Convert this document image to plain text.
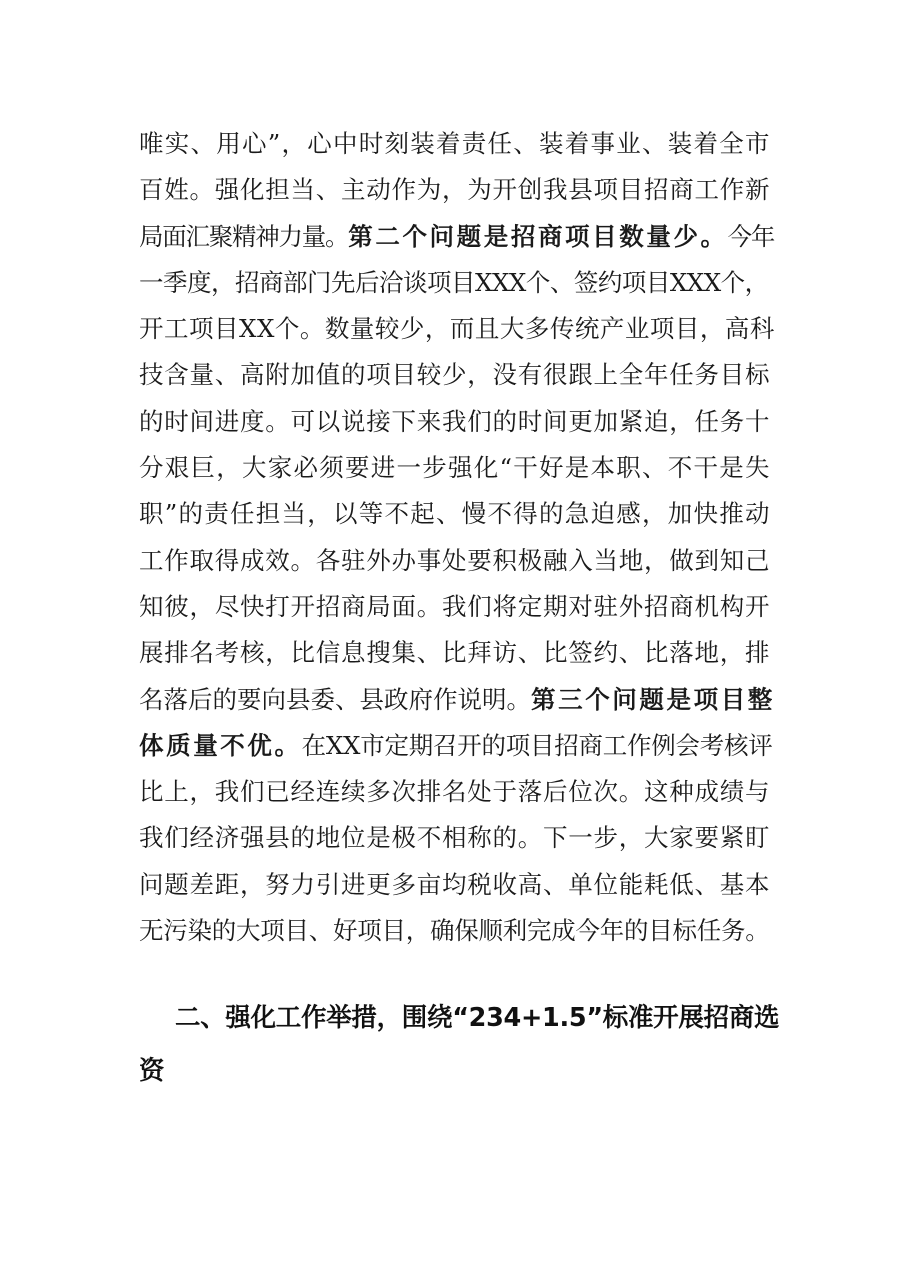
唯实、用心”，心中时刻装着责任、装着事业、装着全市
百姓。强化担当、主动作为，为开创我县项目招商工作新
局面汇聚精神力量。第二个问题是招商项目数量少。今年
一季度，招商部门先后洽谈项目XXX个、签约项目XXX个，
开工项目XX个。数量较少，而且大多传统产业项目，高科
技含量、高附加值的项目较少，没有很跟上全年任务目标
的时间进度。可以说接下来我们的时间更加紧迫，任务十
分艰巨，大家必须要进一步强化“干好是本职、不干是失
职”的责任担当，以等不起、慢不得的急迫感，加快推动
工作取得成效。各驻外办事处要积极融入当地，做到知己
知彼，尽快打开招商局面。我们将定期对驻外招商机构开
展排名考核，比信息搜集、比拜访、比签约、比落地，排
名落后的要向县委、县政府作说明。第三个问题是项目整
体质量不优。在XX市定期召开的项目招商工作例会考核评
比上，我们已经连续多次排名处于落后位次。这种成绩与
我们经济强县的地位是极不相称的。下一步，大家要紧盯
问题差距，努力引进更多亩均税收高、单位能耗低、基本
无污染的大项目、好项目，确保顺利完成今年的目标任务。
二、强化工作举措，围绕“234+1.5”标准开展招商选
资
